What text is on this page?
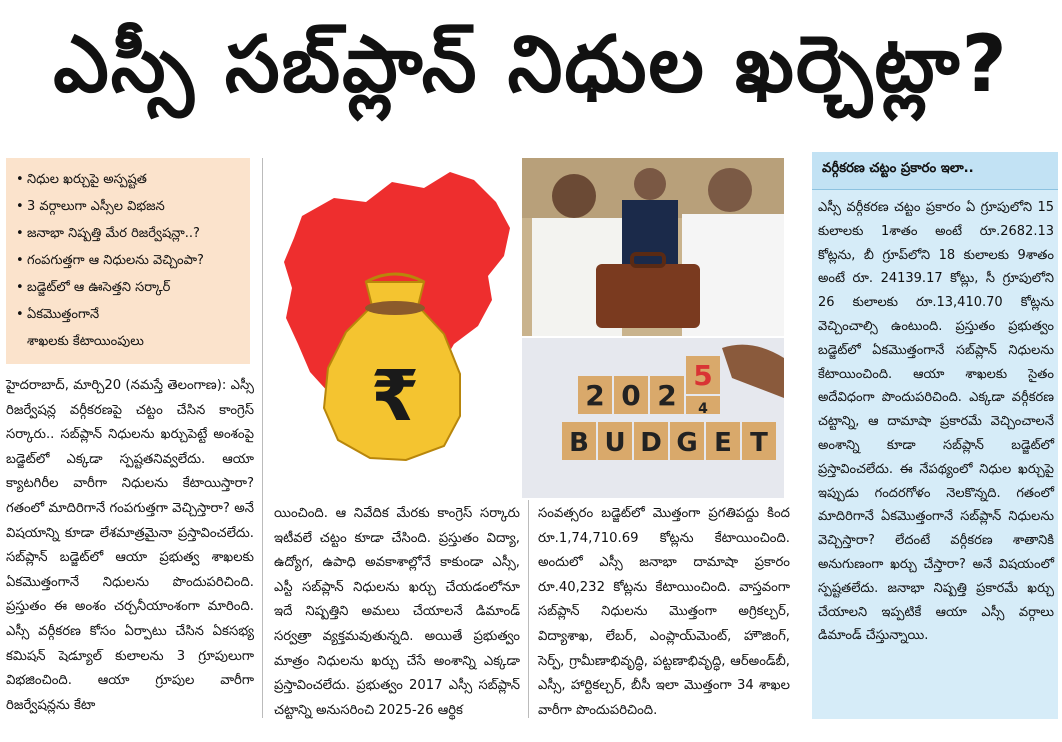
ఎస్సీ సబ్‌ప్లాన్ నిధుల ఖర్చెట్లా?
• నిధుల ఖర్చుపై అస్పష్టత
• 3 వర్గాలుగా ఎస్సీల విభజన
• జనాభా నిష్పత్తి మేర రిజర్వేషన్లా..?
• గంపగుత్తగా ఆ నిధులను వెచ్చింపా?
• బడ్జెట్‌లో ఆ ఊసెత్తని సర్కార్
• ఏకమొత్తంగానే
శాఖలకు కేటాయింపులు
₹	2 0 2
5
4
B U D G E T

హైదరాబాద్, మార్చి20 (నమస్తే తెలంగాణ): ఎస్సీ రిజర్వేషన్ల వర్గీకరణపై చట్టం చేసిన కాంగ్రెస్ సర్కారు.. సబ్‌ప్లాన్ నిధులను ఖర్చుపెట్టే అంశంపై బడ్జెట్‌లో ఎక్కడా స్పష్టతనివ్వలేదు. ఆయా క్యాటగిరీల వారీగా నిధులను కేటాయిస్తారా? గతంలో మాదిరిగానే గంపగుత్తగా వెచ్చిస్తారా? అనే విషయాన్ని కూడా లేశమాత్రమైనా ప్రస్తావించలేదు. సబ్‌ప్లాన్ బడ్జెట్‌లో ఆయా ప్రభుత్వ శాఖలకు ఏకమొత్తంగానే నిధులను పొందుపరిచింది. ప్రస్తుతం ఈ అంశం చర్చనీయాంశంగా మారింది. ఎస్సీ వర్గీకరణ కోసం ఏర్పాటు చేసిన ఏకసభ్య కమిషన్ షెడ్యూల్ కులాలను 3 గ్రూపులుగా విభజించింది. ఆయా గ్రూపుల వారీగా రిజర్వేషన్లను కేటా

యించింది. ఆ నివేదిక మేరకు కాంగ్రెస్ సర్కారు ఇటీవలే చట్టం కూడా చేసింది. ప్రస్తుతం విద్యా, ఉద్యోగ, ఉపాధి అవకాశాల్లోనే కాకుండా ఎస్సీ, ఎస్టీ సబ్‌ప్లాన్ నిధులను ఖర్చు చేయడంలోనూ ఇదే నిష్పత్తిని అమలు చేయాలనే డిమాండ్ సర్వత్రా వ్యక్తమవుతున్నది. అయితే ప్రభుత్వం మాత్రం నిధులను ఖర్చు చేసే అంశాన్ని ఎక్కడా ప్రస్తావించలేదు. ప్రభుత్వం 2017 ఎస్సీ సబ్‌ప్లాన్ చట్టాన్ని అనుసరించి 2025-26 ఆర్థిక

సంవత్సరం బడ్జెట్‌లో మొత్తంగా ప్రగతిపద్దు కింద రూ.1,74,710.69 కోట్లను కేటాయించింది. అందులో ఎస్సీ జనాభా దామాషా ప్రకారం రూ.40,232 కోట్లను కేటాయించింది. వాస్తవంగా సబ్‌ప్లాన్ నిధులను మొత్తంగా అగ్రికల్చర్, విద్యాశాఖ, లేబర్, ఎంప్లాయ్‌మెంట్, హౌజింగ్, సెర్ప్, గ్రామీణాభివృద్ధి, పట్టణాభివృద్ధి, ఆర్‌అండ్‌బీ, ఎస్సీ, హార్టికల్చర్, బీసీ ఇలా మొత్తంగా 34 శాఖల వారీగా పొందుపరిచింది.

వర్గీకరణ చట్టం ప్రకారం ఇలా..
ఎస్సీ వర్గీకరణ చట్టం ప్రకారం ఏ గ్రూపులోని 15 కులాలకు 1శాతం అంటే రూ.2682.13 కోట్లను, బీ గ్రూప్‌లోని 18 కులాలకు 9శాతం అంటే రూ. 24139.17 కోట్లు, సీ గ్రూపులోని 26 కులాలకు రూ.13,410.70 కోట్లను వెచ్చించాల్సి ఉంటుంది. ప్రస్తుతం ప్రభుత్వం బడ్జెట్‌లో ఏకమొత్తంగానే సబ్‌ప్లాన్ నిధులను కేటాయించింది. ఆయా శాఖలకు సైతం అదేవిధంగా పొందుపరిచింది. ఎక్కడా వర్గీకరణ చట్టాన్ని, ఆ దామాషా ప్రకారమే వెచ్చించాలనే అంశాన్ని కూడా సబ్‌ప్లాన్ బడ్జెట్‌లో ప్రస్తావించలేదు. ఈ నేపథ్యంలో నిధుల ఖర్చుపై ఇప్పుడు గందరగోళం నెలకొన్నది. గతంలో మాదిరిగానే ఏకమొత్తంగానే సబ్‌ప్లాన్ నిధులను వెచ్చిస్తారా? లేదంటే వర్గీకరణ శాతానికి అనుగుణంగా ఖర్చు చేస్తారా? అనే విషయంలో స్పష్టతలేదు. జనాభా నిష్పత్తి ప్రకారమే ఖర్చు చేయాలని ఇప్పటికే ఆయా ఎస్సీ వర్గాలు డిమాండ్ చేస్తున్నాయి.
